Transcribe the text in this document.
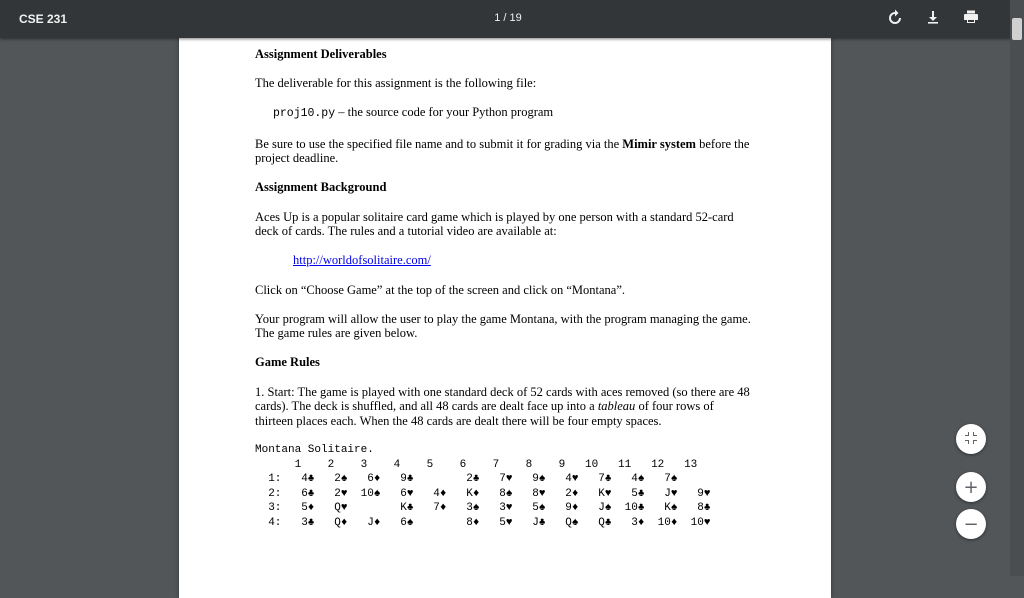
CSE 231	1 / 19
Assignment Deliverables

The deliverable for this assignment is the following file:

proj10.py – the source code for your Python program

Be sure to use the specified file name and to submit it for grading via the Mimir system before the project deadline.

Assignment Background

Aces Up is a popular solitaire card game which is played by one person with a standard 52-card deck of cards. The rules and a tutorial video are available at:

http://worldofsolitaire.com/

Click on “Choose Game” at the top of the screen and click on “Montana”.

Your program will allow the user to play the game Montana, with the program managing the game. The game rules are given below.

Game Rules

1. Start: The game is played with one standard deck of 52 cards with aces removed (so there are 48 cards). The deck is shuffled, and all 48 cards are dealt face up into a tableau of four rows of thirteen places each. When the 48 cards are dealt there will be four empty spaces.

Montana Solitaire.
1    2    3    4    5    6    7    8    9   10   11   12   13
1:   4♣   2♠   6♦   9♣        2♣   7♥   9♠   4♥   7♣   4♠   7♠
2:   6♣   2♥  10♠   6♥   4♦   K♦   8♠   8♥   2♦   K♥   5♣   J♥   9♥
3:   5♦   Q♥        K♣   7♦   3♠   3♥   5♠   9♦   J♠  10♣   K♠   8♣
4:   3♣   Q♦   J♦   6♠        8♦   5♥   J♣   Q♠   Q♣   3♦  10♦  10♥
+
−
